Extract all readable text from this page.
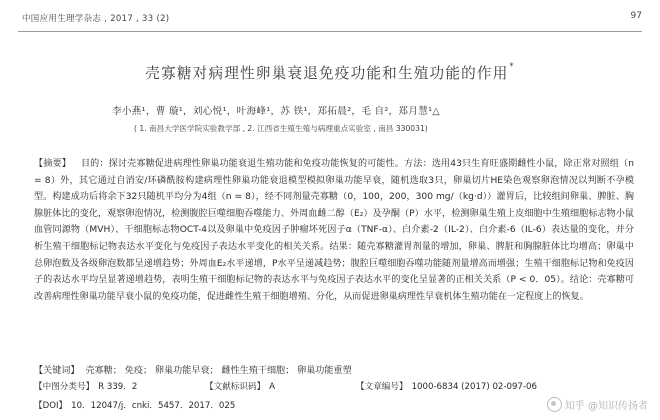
中国应用生理学杂志 , 2017 , 33 (2)	97
壳寡糖对病理性卵巢衰退免疫功能和生殖功能的作用*
李小燕¹，曹 璇¹，刘心悦¹，叶海峰¹，苏 铁¹，郑拓晨²，毛 自²，郑月慧¹△
( 1. 南昌大学医学院实验教学部 , 2. 江西省生殖生殖与病理重点实验室 , 南昌 330031)
【摘要】 目的：探讨壳寡糖促进病理性卵巢功能衰退生殖功能和免疫功能恢复的可能性。方法：选用43只生育旺盛期雌性小鼠，除正常对照组（n = 8）外，其它通过自消安/环磷酰胺构建病理性卵巢功能衰退模型模拟卵巢功能早衰，随机选取3只，卵巢切片HE染色观察卵泡情况以判断不孕模型。构建成功后将余下32只随机平均分为4组（n = 8），经不同剂量壳寡糖（0，100，200，300 mg/（kg·d））灌胃后，比较组间卵巢、脾脏、胸腺脏体比的变化，观察卵泡情况，检测腹腔巨噬细胞吞噬能力、外周血雌二醇（E₂）及孕酮（P）水平，检测卵巢生殖上皮细胞中生殖细胞标志物小鼠血管同源物（MVH）、干细胞标志物OCT-4以及卵巢中免疫因子肿瘤坏死因子α（TNF-α）、白介素-2（IL-2）、白介素-6（IL-6）表达量的变化，并分析生殖干细胞标记物表达水平变化与免疫因子表达水平变化的相关关系。结果：随壳寡糖灌胃剂量的增加，卵巢、脾脏和胸腺脏体比均增高；卵巢中总卵泡数及各级卵泡数都呈递增趋势；外周血E₂水平递增，P水平呈递减趋势；腹腔巨噬细胞吞噬功能随剂量增高而增强；生殖干细胞标记物和免疫因子的表达水平均呈显著递增趋势，表明生殖干细胞标记物的表达水平与免疫因子表达水平的变化呈显著的正相关关系（P < 0．05）。结论：壳寡糖可改善病理性卵巢功能早衰小鼠的免疫功能，促进雌性生殖干细胞增殖、分化，从而促进卵巢病理性早衰机体生殖功能在一定程度上的恢复。
【关键词】 壳寡糖； 免疫； 卵巢功能早衰； 雌性生殖干细胞； 卵巢功能重塑
【中图分类号】 R 339．2	【文献标识码】 A	【文章编号】 1000-6834 (2017) 02-097-06
【DOI】 10．12047/j．cnki．5457．2017．025	知乎 @知识传扬者
